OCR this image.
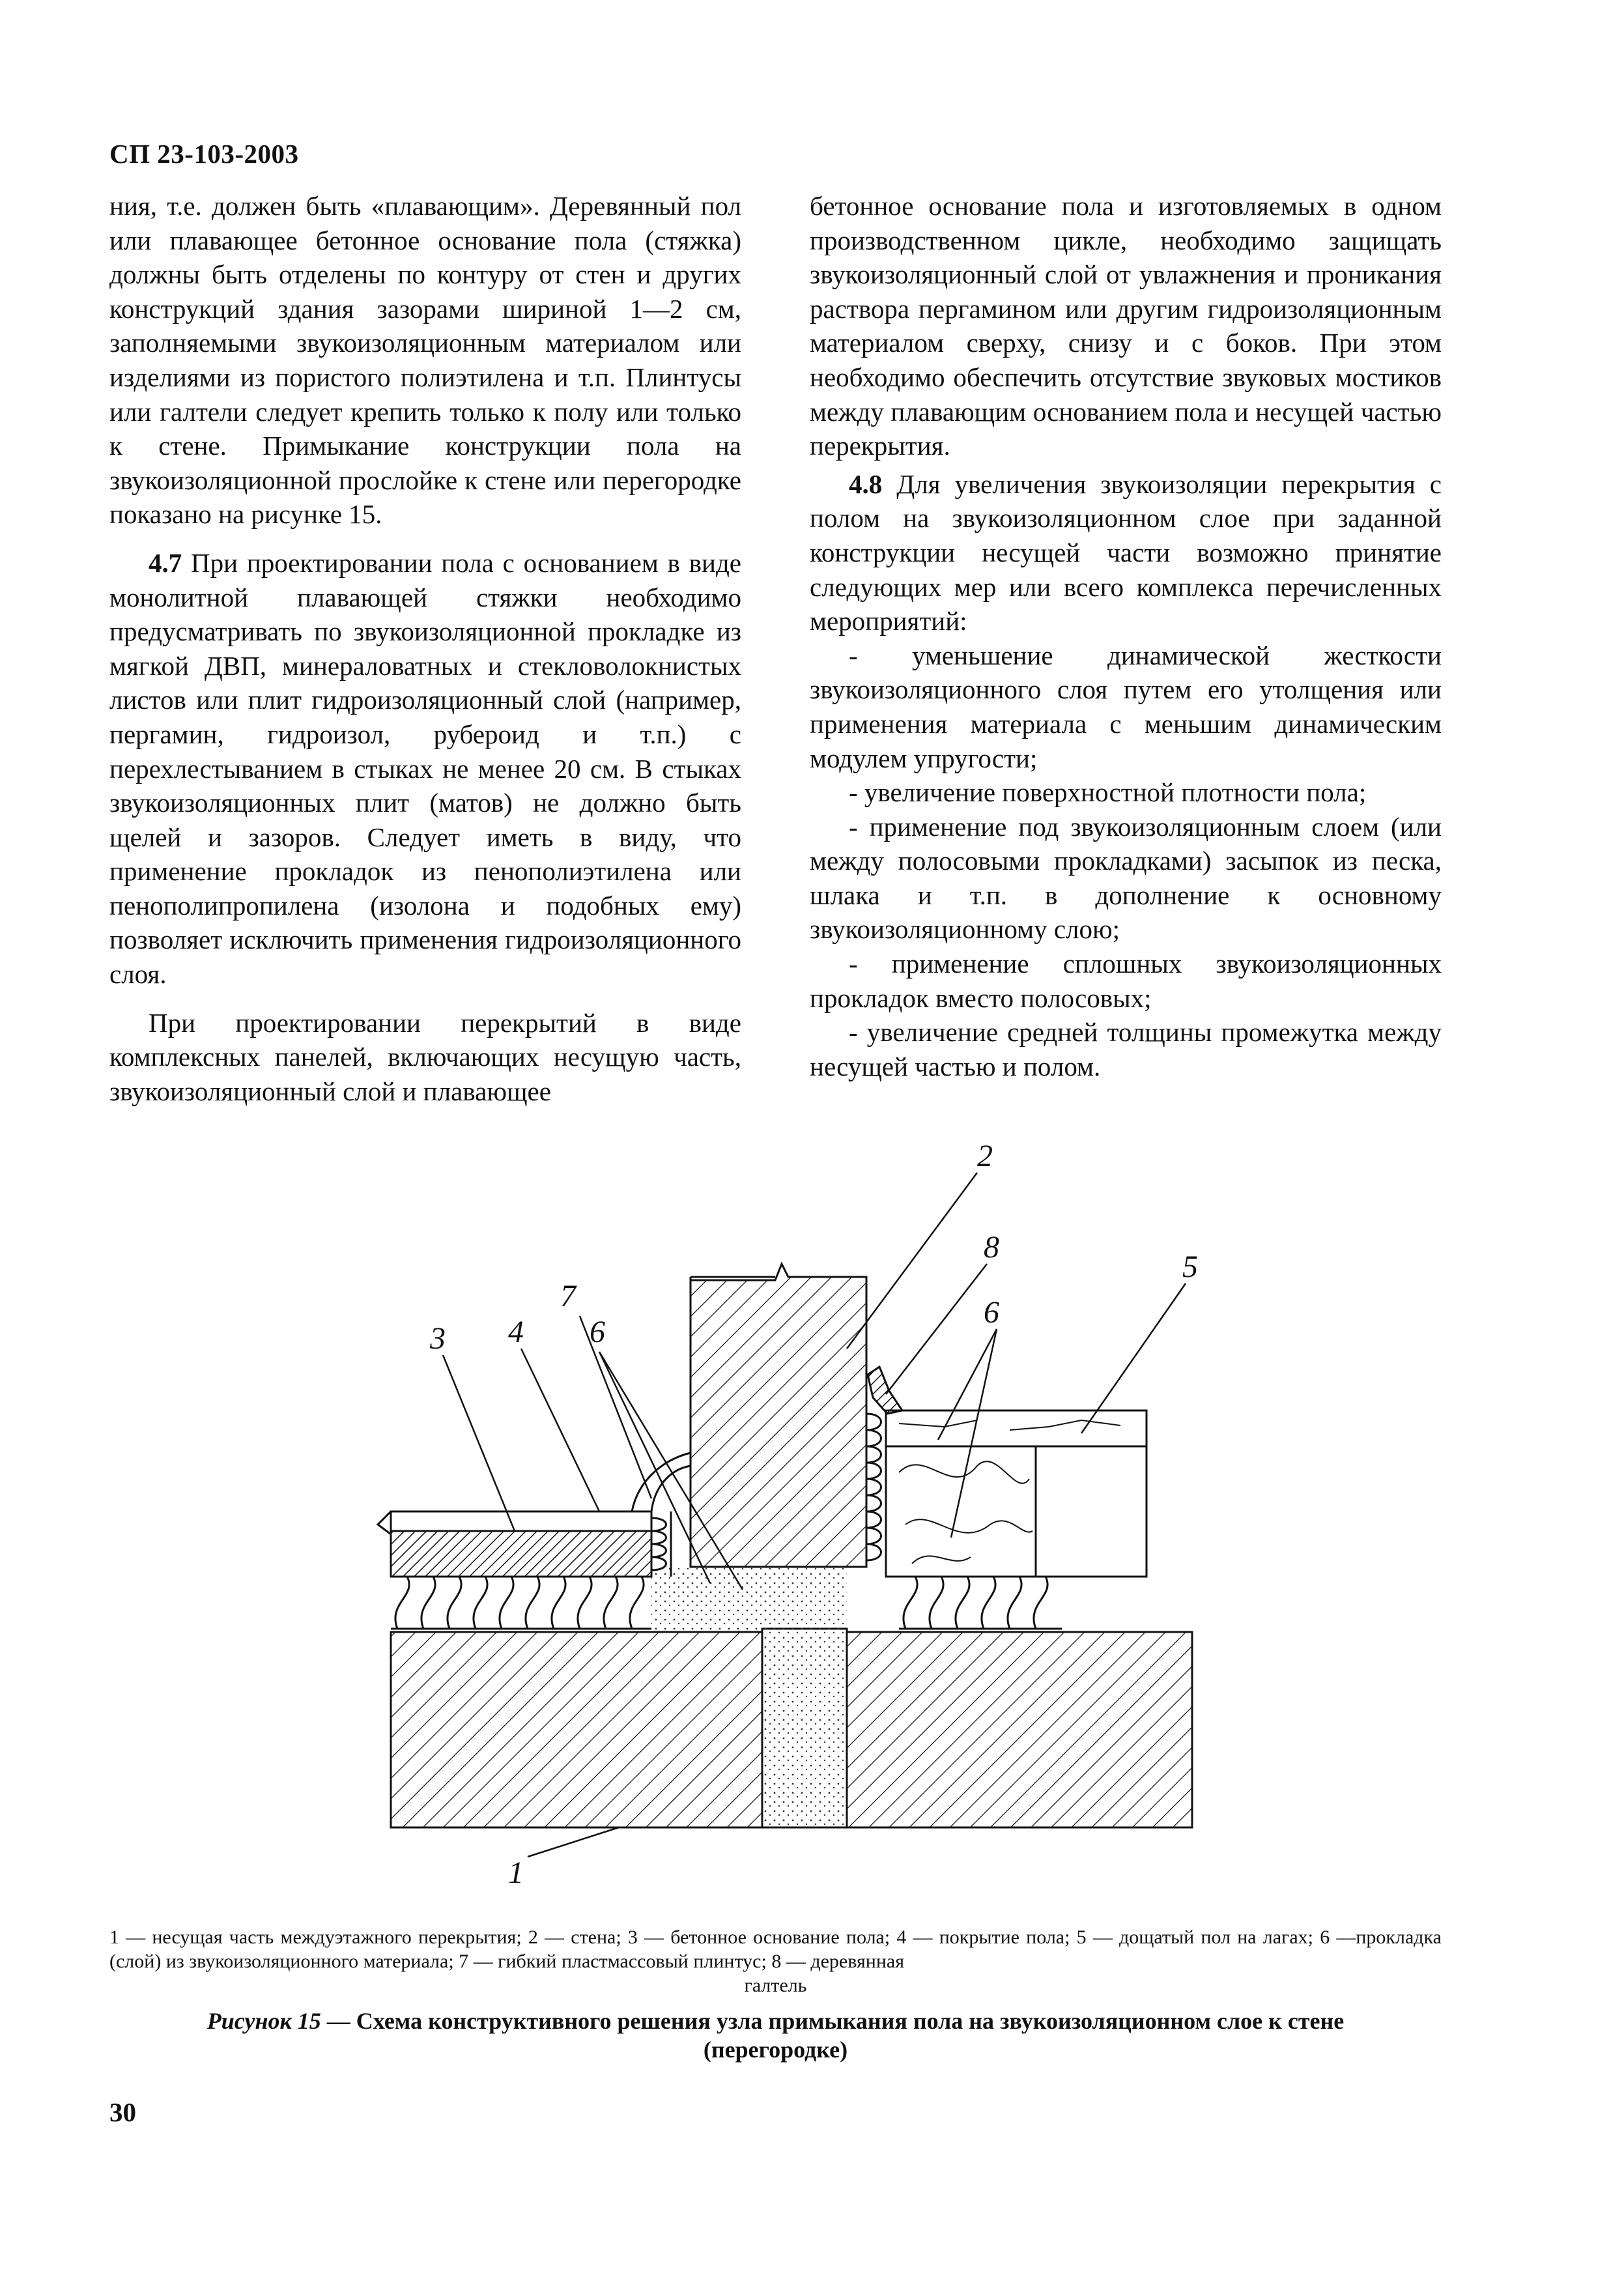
СП 23-103-2003

ния, т.е. должен быть «плавающим». Деревянный пол или плавающее бетонное основание пола (стяжка) должны быть отделены по контуру от стен и других конструкций здания зазорами шириной 1—2 см, заполняемыми звукоизоляционным материалом или изделиями из пористого полиэтилена и т.п. Плинтусы или галтели следует крепить только к полу или только к стене. Примыкание конструкции пола на звукоизоляционной прослойке к стене или перегородке показано на рисунке 15.

4.7 При проектировании пола с основанием в виде монолитной плавающей стяжки необходимо предусматривать по звукоизоляционной прокладке из мягкой ДВП, минераловатных и стекловолокнистых листов или плит гидроизоляционный слой (например, пергамин, гидроизол, рубероид и т.п.) с перехлестыванием в стыках не менее 20 см. В стыках звукоизоляционных плит (матов) не должно быть щелей и зазоров. Следует иметь в виду, что применение прокладок из пенополиэтилена или пенополипропилена (изолона и подобных ему) позволяет исключить применения гидроизоляционного слоя.

При проектировании перекрытий в виде комплексных панелей, включающих несущую часть, звукоизоляционный слой и плавающее

бетонное основание пола и изготовляемых в одном производственном цикле, необходимо защищать звукоизоляционный слой от увлажнения и проникания раствора пергамином или другим гидроизоляционным материалом сверху, снизу и с боков. При этом необходимо обеспечить отсутствие звуковых мостиков между плавающим основанием пола и несущей частью перекрытия.

4.8 Для увеличения звукоизоляции перекрытия с полом на звукоизоляционном слое при заданной конструкции несущей части возможно принятие следующих мер или всего комплекса перечисленных мероприятий:

- уменьшение динамической жесткости звукоизоляционного слоя путем его утолщения или применения материала с меньшим динамическим модулем упругости;

- увеличение поверхностной плотности пола;

- применение под звукоизоляционным слоем (или между полосовыми прокладками) засыпок из песка, шлака и т.п. в дополнение к основному звукоизоляционному слою;

- применение сплошных звукоизоляционных прокладок вместо полосовых;

- увеличение средней толщины промежутка между несущей частью и полом.

3 4 6
7
2
8
6
5
1
1 — несущая часть междуэтажного перекрытия; 2 — стена; 3 — бетонное основание пола; 4 — покрытие пола; 5 — дощатый пол на лагах; 6 —прокладка (слой) из звукоизоляционного материала; 7 — гибкий пластмассовый плинтус; 8 — деревянная
галтель
Рисунок 15 — Схема конструктивного решения узла примыкания пола на звукоизоляционном слое к стене
(перегородке)
30
